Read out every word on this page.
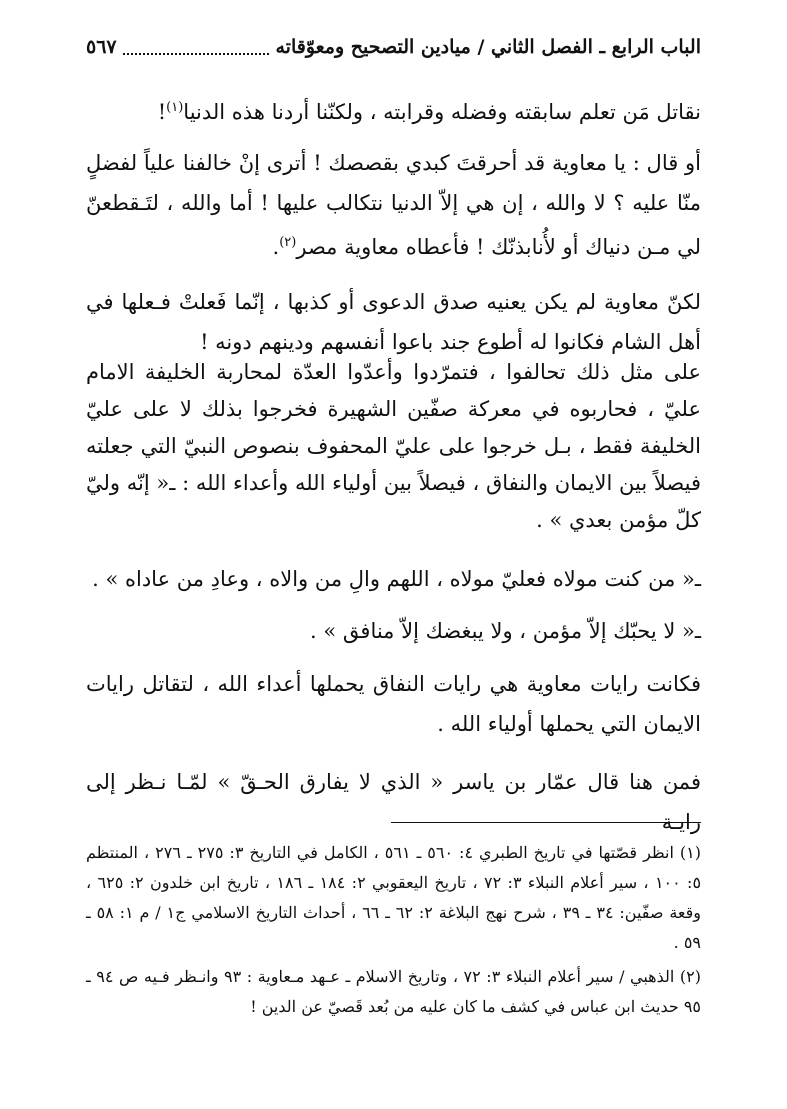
الباب الرابع ـ الفصل الثاني / ميادين التصحيح ومعوّقاته
٥٦٧

نقاتل مَن تعلم سابقته وفضله وقرابته ، ولكنّنا أردنا هذه الدنيا$^{(١)}$!

أو قال : يا معاوية قد أحرقتَ كبدي بقصصك ! أترى إنْ خالفنا علياً لفضلٍ منّا عليه ؟ لا والله ، إن هي إلاّ الدنيا نتكالب عليها ! أما والله ، لتَـقطعنّ لي مـن دنياك أو لأُنابذنّك ! فأعطاه معاوية مصر$^{(٢)}$.

لكنّ معاوية لم يكن يعنيه صدق الدعوى أو كذبها ، إنّما فَعلتْ فـعلها في أهل الشام فكانوا له أطوع جند باعوا أنفسهم ودينهم دونه !

على مثل ذلك تحالفوا ، فتمرّدوا وأعدّوا العدّة لمحاربة الخليفة الامام عليّ ، فحاربوه في معركة صفّين الشهيرة فخرجوا بذلك لا على عليّ الخليفة فقط ، بـل خرجوا على عليّ المحفوف بنصوص النبيّ التي جعلته فيصلاً بين الايمان والنفاق ، فيصلاً بين أولياء الله وأعداء الله : ـ« إنّه وليّ كلّ مؤمن بعدي » .

ـ« من كنت مولاه فعليّ مولاه ، اللهم والِ من والاه ، وعادِ من عاداه » .

ـ« لا يحبّك إلاّ مؤمن ، ولا يبغضك إلاّ منافق » .

فكانت رايات معاوية هي رايات النفاق يحملها أعداء الله ، لتقاتل رايات الايمان التي يحملها أولياء الله .

فمن هنا قال عمّار بن ياسر « الذي لا يفارق الحـقّ » لمّـا نـظر إلى رايـة

(١) انظر قصّتها في تاريخ الطبري ٤: ٥٦٠ ـ ٥٦١ ، الكامل في التاريخ ٣: ٢٧٥ ـ ٢٧٦ ، المنتظم ٥: ١٠٠ ، سير أعلام النبلاء ٣: ٧٢ ، تاريخ اليعقوبي ٢: ١٨٤ ـ ١٨٦ ، تاريخ ابن خلدون ٢: ٦٢٥ ، وقعة صفّين: ٣٤ ـ ٣٩ ، شرح نهج البلاغة ٢: ٦٢ ـ ٦٦ ، أحداث التاريخ الاسلامي ج١ / م ١: ٥٨ ـ ٥٩ .

(٢) الذهبي / سير أعلام النبلاء ٣: ٧٢ ، وتاريخ الاسلام ـ عـهد مـعاوية : ٩٣ وانـظر فـيه ص ٩٤ ـ ٩٥ حديث ابن عباس في كشف ما كان عليه من بُعد قَصيّ عن الدين !
